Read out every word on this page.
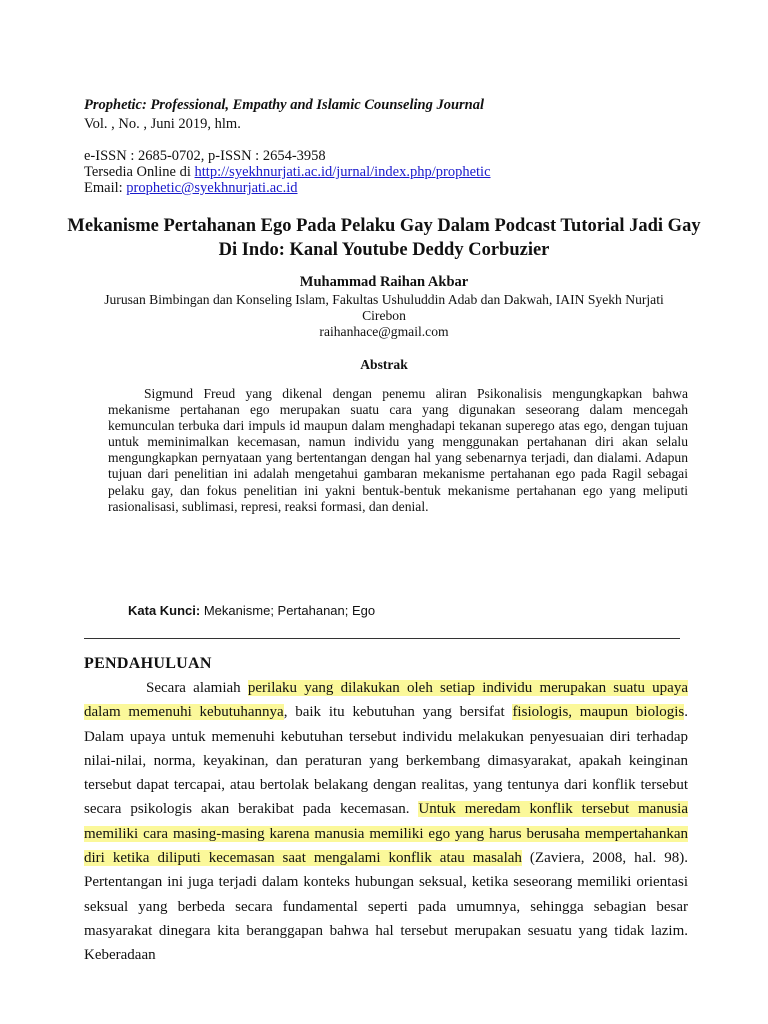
Prophetic: Professional, Empathy and Islamic Counseling Journal
Vol. , No. , Juni 2019, hlm.
e-ISSN : 2685-0702, p-ISSN : 2654-3958
Tersedia Online di http://syekhnurjati.ac.id/jurnal/index.php/prophetic
Email: prophetic@syekhnurjati.ac.id
Mekanisme Pertahanan Ego Pada Pelaku Gay Dalam Podcast Tutorial Jadi Gay Di Indo: Kanal Youtube Deddy Corbuzier
Muhammad Raihan Akbar
Jurusan Bimbingan dan Konseling Islam, Fakultas Ushuluddin Adab dan Dakwah, IAIN Syekh Nurjati Cirebon
raihanhace@gmail.com
Abstrak
Sigmund Freud yang dikenal dengan penemu aliran Psikonalisis mengungkapkan bahwa mekanisme pertahanan ego merupakan suatu cara yang digunakan seseorang dalam mencegah kemunculan terbuka dari impuls id maupun dalam menghadapi tekanan superego atas ego, dengan tujuan untuk meminimalkan kecemasan, namun individu yang menggunakan pertahanan diri akan selalu mengungkapkan pernyataan yang bertentangan dengan hal yang sebenarnya terjadi, dan dialami. Adapun tujuan dari penelitian ini adalah mengetahui gambaran mekanisme pertahanan ego pada Ragil sebagai pelaku gay, dan fokus penelitian ini yakni bentuk-bentuk mekanisme pertahanan ego yang meliputi rasionalisasi, sublimasi, represi, reaksi formasi, dan denial.
Kata Kunci: Mekanisme; Pertahanan; Ego
PENDAHULUAN
Secara alamiah perilaku yang dilakukan oleh setiap individu merupakan suatu upaya dalam memenuhi kebutuhannya, baik itu kebutuhan yang bersifat fisiologis, maupun biologis. Dalam upaya untuk memenuhi kebutuhan tersebut individu melakukan penyesuaian diri terhadap nilai-nilai, norma, keyakinan, dan peraturan yang berkembang dimasyarakat, apakah keinginan tersebut dapat tercapai, atau bertolak belakang dengan realitas, yang tentunya dari konflik tersebut secara psikologis akan berakibat pada kecemasan. Untuk meredam konflik tersebut manusia memiliki cara masing-masing karena manusia memiliki ego yang harus berusaha mempertahankan diri ketika diliputi kecemasan saat mengalami konflik atau masalah (Zaviera, 2008, hal. 98). Pertentangan ini juga terjadi dalam konteks hubungan seksual, ketika seseorang memiliki orientasi seksual yang berbeda secara fundamental seperti pada umumnya, sehingga sebagian besar masyarakat dinegara kita beranggapan bahwa hal tersebut merupakan sesuatu yang tidak lazim. Keberadaan
